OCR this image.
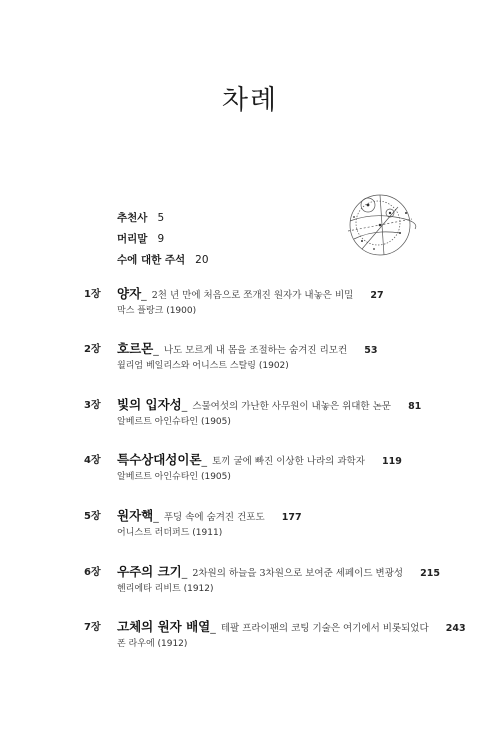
차례
추천사 5
머리말 9
수에 대한 주석 20
1장 양자_ 2천 년 만에 처음으로 쪼개진 원자가 내놓은 비밀 27
막스 플랑크 (1900)
2장 호르몬_ 나도 모르게 내 몸을 조절하는 숨겨진 리모컨 53
윌리엄 베일리스와 어니스트 스탈링 (1902)
3장 빛의 입자성_ 스물여섯의 가난한 사무원이 내놓은 위대한 논문 81
알베르트 아인슈타인 (1905)
4장 특수상대성이론_ 토끼 굴에 빠진 이상한 나라의 과학자 119
알베르트 아인슈타인 (1905)
5장 원자핵_ 푸딩 속에 숨겨진 건포도 177
어니스트 러더퍼드 (1911)
6장 우주의 크기_ 2차원의 하늘을 3차원으로 보여준 세페이드 변광성 215
헨리에타 리비트 (1912)
7장 고체의 원자 배열_ 테팔 프라이팬의 코팅 기술은 여기에서 비롯되었다 243
폰 라우에 (1912)
